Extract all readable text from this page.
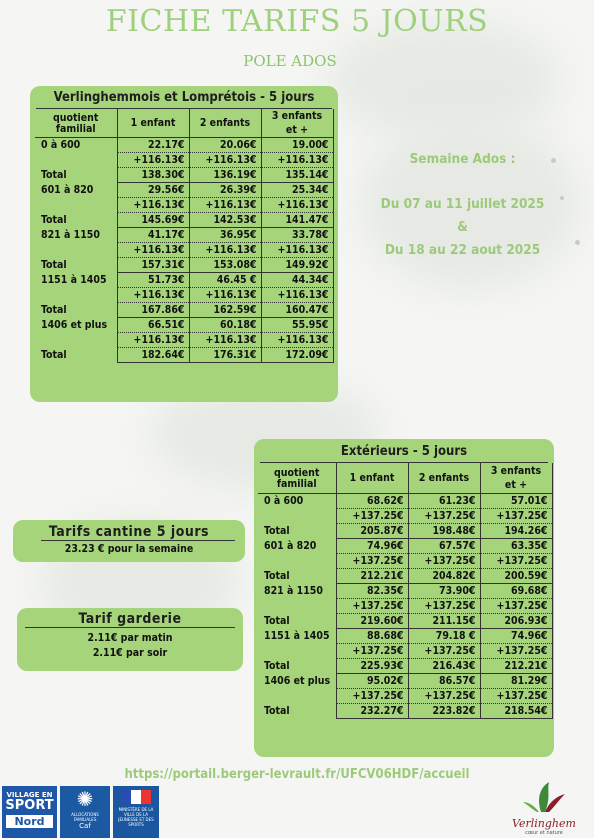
FICHE TARIFS 5 JOURS
POLE ADOS
Verlinghemmois et Lomprétois - 5 jours
quotient familial	1 enfant	2 enfants	3 enfants et +
0 à 600	22.17€	20.06€	19.00€
	+116.13€	+116.13€	+116.13€
Total	138.30€	136.19€	135.14€
601 à 820	29.56€	26.39€	25.34€
	+116.13€	+116.13€	+116.13€
Total	145.69€	142.53€	141.47€
821 à 1150	41.17€	36.95€	33.78€
	+116.13€	+116.13€	+116.13€
Total	157.31€	153.08€	149.92€
1151 à 1405	51.73€	46.45 €	44.34€
	+116.13€	+116.13€	+116.13€
Total	167.86€	162.59€	160.47€
1406 et plus	66.51€	60.18€	55.95€
	+116.13€	+116.13€	+116.13€
Total	182.64€	176.31€	172.09€
Semaine Ados :
Du 07 au 11 juillet 2025
&
Du 18 au 22 aout 2025
Extérieurs - 5 jours
quotient familial	1 enfant	2 enfants	3 enfants et +
0 à 600	68.62€	61.23€	57.01€
	+137.25€	+137.25€	+137.25€
Total	205.87€	198.48€	194.26€
601 à 820	74.96€	67.57€	63.35€
	+137.25€	+137.25€	+137.25€
Total	212.21€	204.82€	200.59€
821 à 1150	82.35€	73.90€	69.68€
	+137.25€	+137.25€	+137.25€
Total	219.60€	211.15€	206.93€
1151 à 1405	88.68€	79.18 €	74.96€
	+137.25€	+137.25€	+137.25€
Total	225.93€	216.43€	212.21€
1406 et plus	95.02€	86.57€	81.29€
	+137.25€	+137.25€	+137.25€
Total	232.27€	223.82€	218.54€
Tarifs cantine 5 jours
23.23 € pour la semaine
Tarif garderie
2.11€ par matin
2.11€ par soir
https://portail.berger-levrault.fr/UFCV06HDF/accueil
VILLAGE EN
SPORT
Nord
✺
ALLOCATIONS FAMILIALES
Caf
MINISTÈRE DE LA VILLE DE LA JEUNESSE ET DES SPORTS	Verlinghem
cœur et nature
